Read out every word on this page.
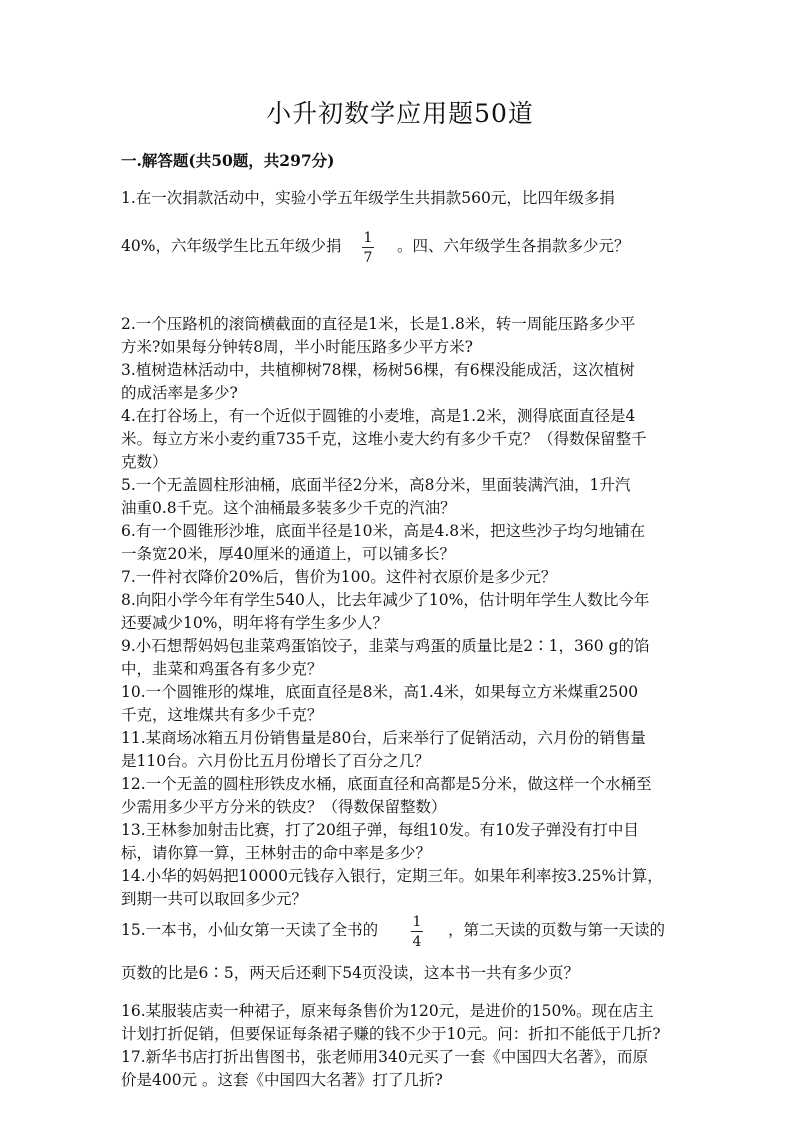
小升初数学应用题50道
一.解答题(共50题，共297分)
1.在一次捐款活动中，实验小学五年级学生共捐款560元，比四年级多捐
40%，六年级学生比五年级少捐	1
7
。四、六年级学生各捐款多少元？
2.一个压路机的滚筒横截面的直径是1米，长是1.8米，转一周能压路多少平
方米?如果每分钟转8周，半小时能压路多少平方米?
3.植树造林活动中，共植柳树78棵，杨树56棵，有6棵没能成活，这次植树
的成活率是多少?
4.在打谷场上，有一个近似于圆锥的小麦堆，高是1.2米，测得底面直径是4
米。每立方米小麦约重735千克，这堆小麦大约有多少千克？（得数保留整千
克数）
5.一个无盖圆柱形油桶，底面半径2分米，高8分米，里面装满汽油，1升汽
油重0.8千克。这个油桶最多装多少千克的汽油？
6.有一个圆锥形沙堆，底面半径是10米，高是4.8米，把这些沙子均匀地铺在
一条宽20米，厚40厘米的通道上，可以铺多长？
7.一件衬衣降价20%后，售价为100。这件衬衣原价是多少元？
8.向阳小学今年有学生540人，比去年减少了10%，估计明年学生人数比今年
还要减少10%，明年将有学生多少人？
9.小石想帮妈妈包韭菜鸡蛋馅饺子，韭菜与鸡蛋的质量比是2∶1，360 g的馅
中，韭菜和鸡蛋各有多少克？
10.一个圆锥形的煤堆，底面直径是8米，高1.4米，如果每立方米煤重2500
千克，这堆煤共有多少千克？
11.某商场冰箱五月份销售量是80台，后来举行了促销活动，六月份的销售量
是110台。六月份比五月份增长了百分之几？
12.一个无盖的圆柱形铁皮水桶，底面直径和高都是5分米，做这样一个水桶至
少需用多少平方分米的铁皮？（得数保留整数）
13.王林参加射击比赛，打了20组子弹，每组10发。有10发子弹没有打中目
标，请你算一算，王林射击的命中率是多少？
14.小华的妈妈把10000元钱存入银行，定期三年。如果年利率按3.25%计算，
到期一共可以取回多少元？
15.一本书，小仙女第一天读了全书的	1
4
，第二天读的页数与第一天读的
页数的比是6∶5，两天后还剩下54页没读，这本书一共有多少页？
16.某服装店卖一种裙子，原来每条售价为120元，是进价的150%。现在店主
计划打折促销，但要保证每条裙子赚的钱不少于10元。问：折扣不能低于几折?
17.新华书店打折出售图书，张老师用340元买了一套《中国四大名著》，而原
价是400元 。这套《中国四大名著》打了几折?
